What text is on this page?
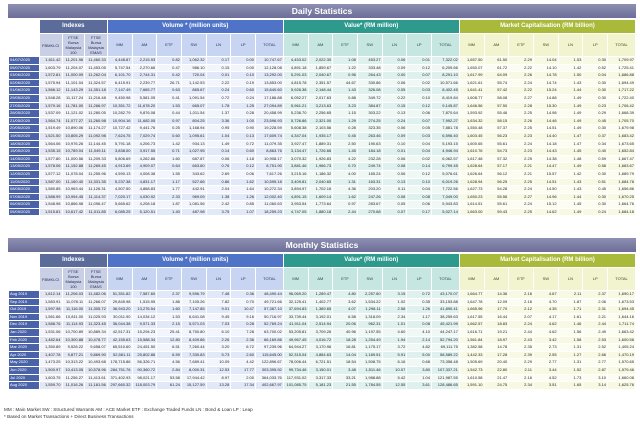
Daily Statistics
	Indexes			Volume * (million units)							Value* (RM million)							Market Capitalisation (RM billion)						
	FBMKLCI	FTSE Bursa Malaysia 100	FTSE Bursa Malaysia EMAS	MM	AM	ETF	SW	LN	LP	TOTAL	MM	AM	ETF	SW	LN	LP	TOTAL	MM	AM	ETF	SW	LN	LP	TOTAL
04/07/2020	1,611.42	11,201.96	11,460.33	4,448.87	2,215.93	0.82	1,062.32	0.17	0.00	10,747.67	4,453.02	2,022.30	1.08	453.27	0.06	0.01	7,322.02	1,657.50	61.50	2.29	14.04	1.53	0.30	1,709.97
05/07/2020	1,603.79	11,204.07	11,453.05	5,747.54	2,270.66	0.47	986.10	0.15	0.00	12,128.08	4,891.18	1,859.67	1.22	333.48	0.09	0.12	6,209.66	1,650.07	61.72	2.22	14.10	1.42	0.52	1,725.41
03/06/2020	1,572.81	11,000.09	11,262.04	6,101.70	2,744.31	0.42	720.04	0.01	0.10	13,292.00	5,291.03	2,040.67	0.96	264.43	0.00	0.07	8,291.10	1,617.99	64.09	2.26	14.78	1.50	0.04	1,686.88
02/06/2020	1,575.94	11,101.04	11,324.57	6,415.91	2,239.77	26.71	1,142.53	2.22	0.19	13,853.00	4,815.78	2,351.57	44.67	330.86	0.06	0.02	10,571.66	1,621.61	55.74	2.24	14.74	1.43	0.30	1,694.49
01/06/2020	1,566.12	11,143.29	11,351.18	7,147.49	7,665.77	0.63	865.67	0.24	0.60	15,640.60	5,926.38	2,148.44	1.43	326.08	0.05	0.03	8,402.45	1,641.41	57.42	2.22	15.24	1.44	0.30	1,717.22
29/05/2020	1,548.28	11,117.24	11,216.48	9,450.98	5,581.05	0.41	1,091.54	0.72	0.24	17,186.88	6,052.27	2,017.63	0.88	349.72	0.22	0.10	8,419.84	1,608.77	58.08	2.27	14.88	1.49	0.30	1,722.40
27/05/2020	1,579.16	11,781.00	11,266.97	10,351.72	11,678.20	1.53	665.07	1.78	1.25	27,094.89	5,961.21	3,213.63	3.23	384.87	0.15	0.12	9,145.87	1,646.56	57.50	2.28	15.30	1.49	0.23	1,706.42
26/05/2020	1,537.09	11,121.02	11,280.05	10,282.79	9,876.08	0.44	1,011.54	1.37	0.28	20,458.99	5,236.70	2,256.65	1.15	303.22	0.13	0.06	7,870.64	1,593.92	55.46	2.25	14.98	1.49	0.29	1,668.39
21/05/2020	1,564.74	11,077.27	11,260.98	10,904.16	11,682.05	0.97	804.25	3.36	1.00	23,596.93	5,726.86	2,321.00	1.29	274.25	0.24	0.07	7,992.27	1,634.32	58.15	2.26	14.46	1.49	0.45	1,705.70
20/05/2020	1,519.49	10,890.06	11,174.27	10,727.42	9,441.76	0.25	1,168.94	0.95	0.90	19,228.59	5,608.38	2,103.56	0.28	323.35	0.06	0.05	7,881.78	1,550.48	57.37	2.25	14.51	1.49	0.30	1,679.98
19/05/2020	1,521.50	10,805.29	11,092.98	7,624.75	7,029.74	0.60	1,095.61	1.04	0.13	17,609.74	4,347.04	1,935.17	0.45	263.46	0.09	0.03	6,596.40	1,603.45	56.23	2.23	14.40	1.47	0.37	1,683.42
18/05/2020	1,564.06	10,976.26	11,144.45	5,791.18	4,206.73	1.42	934.13	1.49	0.72	11,079.35	3,927.47	1,889.31	2.50	190.63	0.10	0.04	5,193.15	1,600.65	55.61	2.24	14.18	1.47	0.34	1,673.65
15/05/2020	1,535.15	10,789.04	11,049.11	3,838.00	3,917.55	0.71	1,027.95	0.14	0.60	8,863.76	3,134.47	1,726.66	1.45	184.18	0.01	0.04	4,946.94	1,610.76	54.73	2.23	14.43	1.45	0.40	1,652.84
14/05/2020	1,577.80	11,000.56	11,209.33	5,806.69	4,262.86	1.60	687.87	0.06	1.18	10,908.17	3,070.32	1,926.83	4.22	232.28	0.06	0.02	6,062.57	1,617.48	57.32	2.25	14.38	1.48	0.59	1,667.47
13/05/2020	1,578.06	11,152.88	11,269.45	4,913.69	4,909.07	0.64	663.60	0.76	0.12	8,751.90	3,881.46	1,966.73	0.70	249.74	0.08	0.14	6,799.45	1,628.64	57.17	2.21	14.47	1.49	0.58	1,683.67
12/05/2020	1,577.12	11,078.04	11,255.96	4,590.13	4,008.38	1.55	343.62	2.69	0.06	7,617.26	3,215.16	1,186.32	4.00	165.24	0.06	0.12	5,076.61	1,626.64	56.12	2.21	15.57	1.42	0.30	1,689.79
11/05/2020	1,587.00	11,160.40	11,331.35	5,237.38	4,831.17	1.17	527.66	0.86	1.62	10,595.18	3,409.81	2,040.65	1.31	163.31	0.13	0.10	6,019.26	1,628.94	56.25	2.25	14.51	1.43	0.51	1,684.78
08/05/2020	1,580.85	10,963.44	11,126.31	4,507.50	4,868.83	1.77	442.91	2.04	1.64	10,272.34	3,894.97	1,702.16	4.36	203.20	0.11	0.04	7,722.56	1,627.73	54.28	2.24	14.50	1.43	0.45	1,656.86
07/05/2020	1,588.99	10,994.45	11,114.37	7,020.17	4,030.92	2.33	969.09	1.38	1.26	12,002.40	4,891.15	1,609.14	1.62	247.26	0.08	0.08	7,049.00	1,650.23	55.56	2.27	14.96	1.44	0.30	1,670.25
06/05/2020	1,548.98	10,866.98	11,096.47	5,665.62	4,208.18	1.87	1,081.56	2.42	0.85	11,060.63	3,953.54	1,773.64	0.97	283.67	0.05	0.06	5,943.83	1,614.51	55.61	2.24	15.12	1.45	0.30	1,664.76
05/05/2020	1,515.81	10,617.42	11,011.85	6,085.25	5,120.51	1.40	487.98	3.75	1.07	18,259.23	4,747.05	1,880.18	2.44	270.68	0.07	0.17	5,027.14	1,663.00	59.43	2.25	14.62	1.49	0.24	1,684.18
Monthly Statistics
	Indexes			Volume * (million units)							Value* (RM million)							Market Capitalisation (RM billion)						
	FBMKLCI	FTSE Bursa Malaysia 100	FTSE Bursa Malaysia EMAS	MM	AM	ETF	SW	LN	LP	TOTAL	MM	AM	ETF	SW	LN	LP	TOTAL	MM	AM	ETF	SW	LN	LP	TOTAL
Aug 2019	1,612.14	11,206.03	11,482.06	51,351.82	7,587.60	2.37	9,596.79	7.48	0.36	48,490.44	96,069.20	1,289.47	4.80	2,257.60	3.15	0.72	43,170.07	1,664.77	14.36	2.16	4.67	2.11	2.37	1,690.17
Sep 2019	1,583.91	11,078.11	11,266.07	29,845.98	1,515.95	1.86	7,105.26	7.82	0.70	49,721.66	32,125.41	1,402.77	3.62	1,534.22	1.02	0.35	33,153.88	1,647.78	12.09	2.16	4.70	1.87	2.06	1,673.53
Oct 2019	1,597.98	11,116.00	11,305.72	36,943.20	13,276.54	1.60	7,147.85	9.01	10.47	57,387.10	37,694.83	1,389.65	4.07	1,298.11	2.58	1.26	41,890.41	1,665.96	17.70	2.12	4.35	1.71	2.31	1,694.45
Nov 2019	1,561.66	10,811.00	11,025.93	30,011.90	14,034.12	1.53	6,641.08	9.45	9.16	50,716.97	33,739.44	3,192.01	6.58	1,318.09	2.34	1.17	38,259.63	1,617.55	16.44	2.07	4.17	1.61	2.21	1,644.16
Dec 2019	1,588.76	11,114.93	11,323.45	36,044.38	9,571.33	2.15	5,571.03	7.03	0.28	52,769.24	41,911.04	2,514.94	20.06	962.31	1.01	0.08	45,421.99	1,662.57	18.83	2.24	4.62	1.46	2.44	1,711.74
Jan 2020	1,531.06	10,700.89	10,889.34	42,517.31	15,294.23	25.41	8,750.80	6.10	7.28	63,700.02	53,205.81	3,709.26	40.96	1,197.55	4.60	4.10	44,247.17	1,616.71	19.21	2.44	4.62	1.56	2.49	1,663.42
Feb 2020	1,482.64	10,300.88	10,478.77	42,155.63	15,588.34	12.80	8,409.86	2.26	2.36	66,169.86	49,967.45	4,016.72	18.28	1,254.49	1.94	2.14	52,794.20	1,561.84	18.97	2.43	3.42	1.58	2.53	1,600.56
Mar 2020	1,350.89	9,528.22	9,658.07	65,510.60	24,451.50	6.51	7,260.44	3.20	6.72	97,239.96	64,944.27	3,170.96	16.81	1,175.17	3.72	4.82	69,111.75	1,382.58	14.78	2.35	2.73	1.31	2.52	1,405.24
Apr 2020	1,407.78	9,877.21	9,869.90	52,581.11	25,802.86	6.59	7,330.83	5.73	2.60	115,645.00	52,315.04	4,884.63	14.04	1,189.51	5.91	5.00	58,589.22	1,442.33	17.28	2.39	2.55	1.27	2.66	1,470.19
May 2020	1,473.25	10,313.22	10,493.68	178,715.86	56,326.71	4.56	7,689.41	10.09	4.42	122,896.67	78,006.44	6,721.51	18.54	1,508.75	6.16	0.68	73,358.48	1,505.69	20.40	2.29	2.77	1.31	2.77	1,570.65
Jun 2020	1,500.97	10,413.05	10,578.96	284,751.76	90,360.72	2.84	8,000.31	12.53	17.77	303,395.92	99,734.46	3,150.01	3.48	1,511.46	10.07	3.80	107,337.21	1,542.73	22.80	2.11	3.44	1.52	2.87	1,579.46
Jul 2020	1,603.75	11,256.27	11,413.61	371,402.93	98,021.17	53.58	17,944.42	8.97	2.00	364,033.76	117,931.02	3,317.33	33.21	1,988.88	5.42	1.04	121,987.55	1,610.58	21.47	2.16	4.52	1.73	3.10	1,660.08
Aug 2020	1,559.70	11,016.26	11,181.56	297,660.32	118,003.79	61.24	15,127.59	13.28	17.34	402,667.97	101,085.75	5,181.23	21.55	1,784.55	12.55	3.61	128,486.65	1,591.10	24.75	2.34	3.51	1.65	3.14	1,625.76
MM : Main Market SW : Structured Warrants AM : ACE Market ETF : Exchange Traded Funds LN : Bond & Loan LP : Leap
* Based on Market Transactions + Direct Business Transactions
